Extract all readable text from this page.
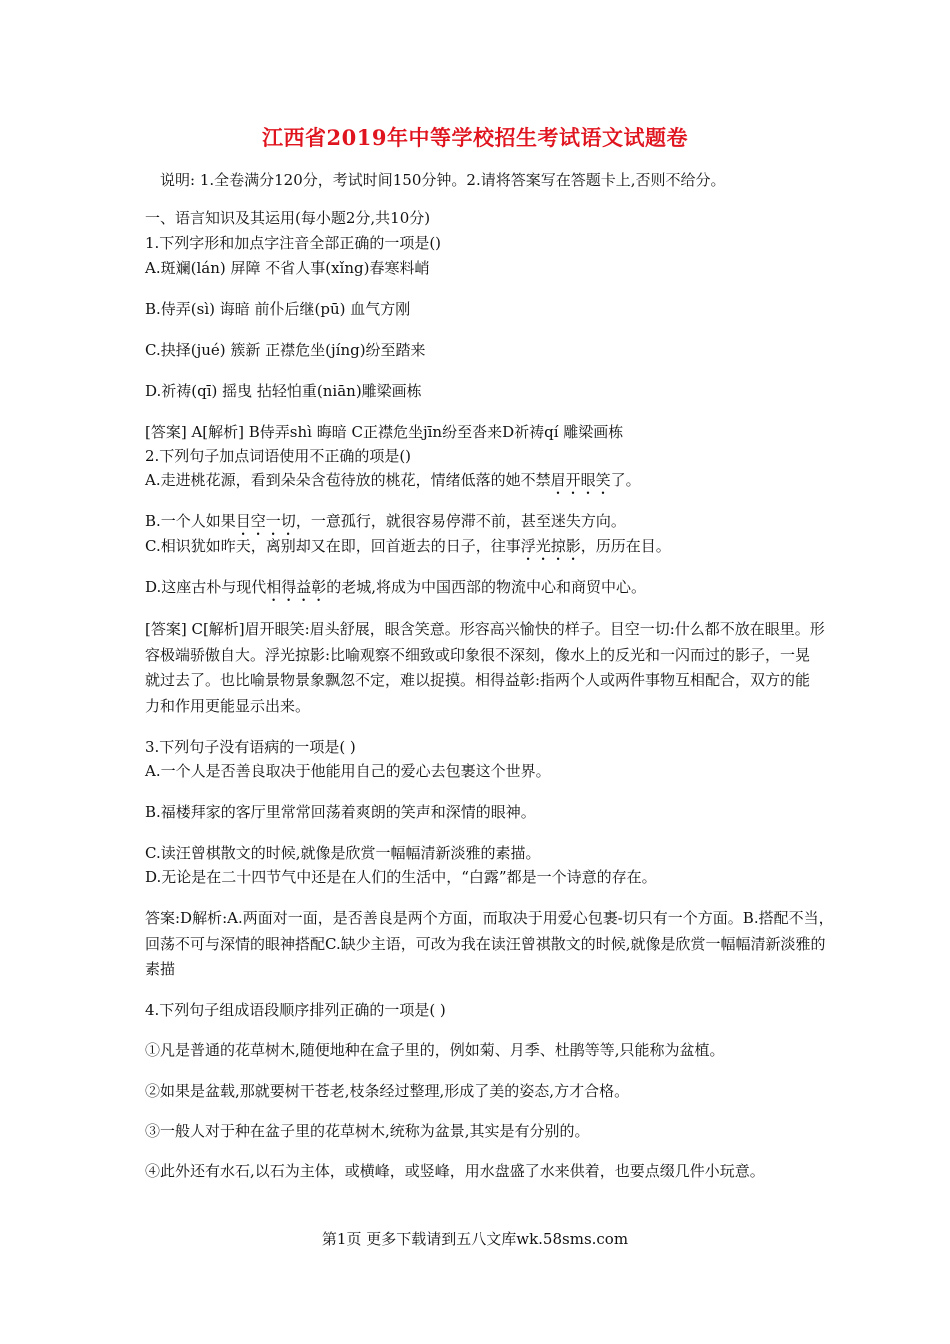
江西省2019年中等学校招生考试语文试题卷
说明: 1.全卷满分120分，考试时间150分钟。2.请将答案写在答题卡上,否则不给分。
一、语言知识及其运用(每小题2分,共10分)
1.下列字形和加点字注音全部正确的一项是()
A.斑斓(lán) 屏障 不省人事(xǐng)春寒料峭
B.侍弄(sì) 诲暗 前仆后继(pū) 血气方刚
C.抉择(jué) 簇新 正襟危坐(jíng)纷至踏来
D.祈祷(qī) 摇曳 拈轻怕重(niān)雕梁画栋
[答案] A[解析] B侍弄shì 晦暗 C正襟危坐jīn纷至沓来D祈祷qí 雕梁画栋
2.下列句子加点词语使用不正确的项是()
A.走进桃花源，看到朵朵含苞待放的桃花，情绪低落的她不禁眉开眼笑了。
B.一个人如果目空一切，一意孤行，就很容易停滞不前，甚至迷失方向。
C.相识犹如昨天，离别却又在即，回首逝去的日子，往事浮光掠影，历历在目。
D.这座古朴与现代相得益彰的老城,将成为中国西部的物流中心和商贸中心。
[答案] C[解析]眉开眼笑:眉头舒展，眼含笑意。形容高兴愉快的样子。目空一切:什么都不放在眼里。形容极端骄傲自大。浮光掠影:比喻观察不细致或印象很不深刻，像水上的反光和一闪而过的影子，一晃就过去了。也比喻景物景象飘忽不定，难以捉摸。相得益彰:指两个人或两件事物互相配合，双方的能力和作用更能显示出来。
3.下列句子没有语病的一项是( )
A.一个人是否善良取决于他能用自己的爱心去包裹这个世界。
B.福楼拜家的客厅里常常回荡着爽朗的笑声和深情的眼神。
C.读汪曾棋散文的时候,就像是欣赏一幅幅清新淡雅的素描。
D.无论是在二十四节气中还是在人们的生活中，“白露”都是一个诗意的存在。
答案:D解析:A.两面对一面，是否善良是两个方面，而取决于用爱心包裹-切只有一个方面。B.搭配不当，回荡不可与深情的眼神搭配C.缺少主语，可改为我在读汪曾祺散文的时候,就像是欣赏一幅幅清新淡雅的素描
4.下列句子组成语段顺序排列正确的一项是( )
①凡是普通的花草树木,随便地种在盒子里的，例如菊、月季、杜鹃等等,只能称为盆植。
②如果是盆载,那就要树干苍老,枝条经过整理,形成了美的姿态,方才合格。
③一般人对于种在盆子里的花草树木,统称为盆景,其实是有分别的。
④此外还有水石,以石为主体，或横峰，或竖峰，用水盘盛了水来供着，也要点缀几件小玩意。
第1页 更多下载请到五八文库wk.58sms.com
